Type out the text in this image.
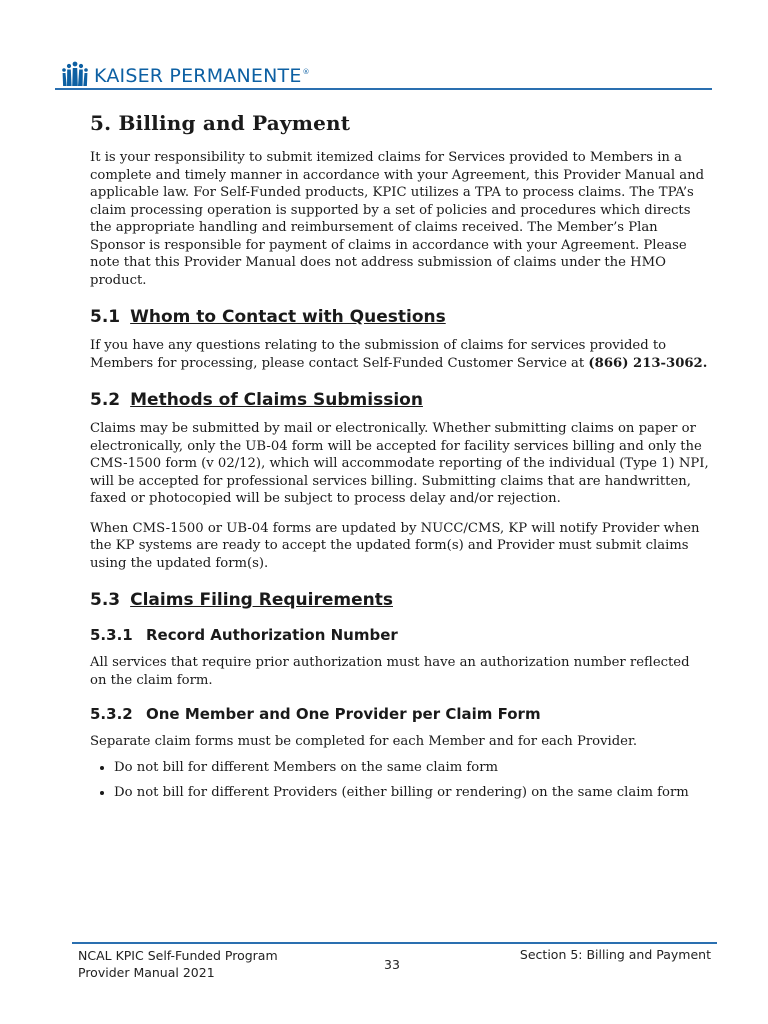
KAISER PERMANENTE®
5. Billing and Payment

It is your responsibility to submit itemized claims for Services provided to Members in a complete and timely manner in accordance with your Agreement, this Provider Manual and applicable law. For Self-Funded products, KPIC utilizes a TPA to process claims. The TPA’s claim processing operation is supported by a set of policies and procedures which directs the appropriate handling and reimbursement of claims received. The Member’s Plan Sponsor is responsible for payment of claims in accordance with your Agreement. Please note that this Provider Manual does not address submission of claims under the HMO product.

5.1 Whom to Contact with Questions

If you have any questions relating to the submission of claims for services provided to Members for processing, please contact Self-Funded Customer Service at (866) 213-3062.

5.2 Methods of Claims Submission

Claims may be submitted by mail or electronically. Whether submitting claims on paper or electronically, only the UB-04 form will be accepted for facility services billing and only the CMS-1500 form (v 02/12), which will accommodate reporting of the individual (Type 1) NPI, will be accepted for professional services billing. Submitting claims that are handwritten, faxed or photocopied will be subject to process delay and/or rejection.

When CMS-1500 or UB-04 forms are updated by NUCC/CMS, KP will notify Provider when the KP systems are ready to accept the updated form(s) and Provider must submit claims using the updated form(s).

5.3 Claims Filing Requirements
5.3.1 Record Authorization Number

All services that require prior authorization must have an authorization number reflected on the claim form.

5.3.2 One Member and One Provider per Claim Form

Separate claim forms must be completed for each Member and for each Provider.

• Do not bill for different Members on the same claim form
• Do not bill for different Providers (either billing or rendering) on the same claim form
NCAL KPIC Self-Funded Program
Provider Manual 2021
33
Section 5: Billing and Payment
